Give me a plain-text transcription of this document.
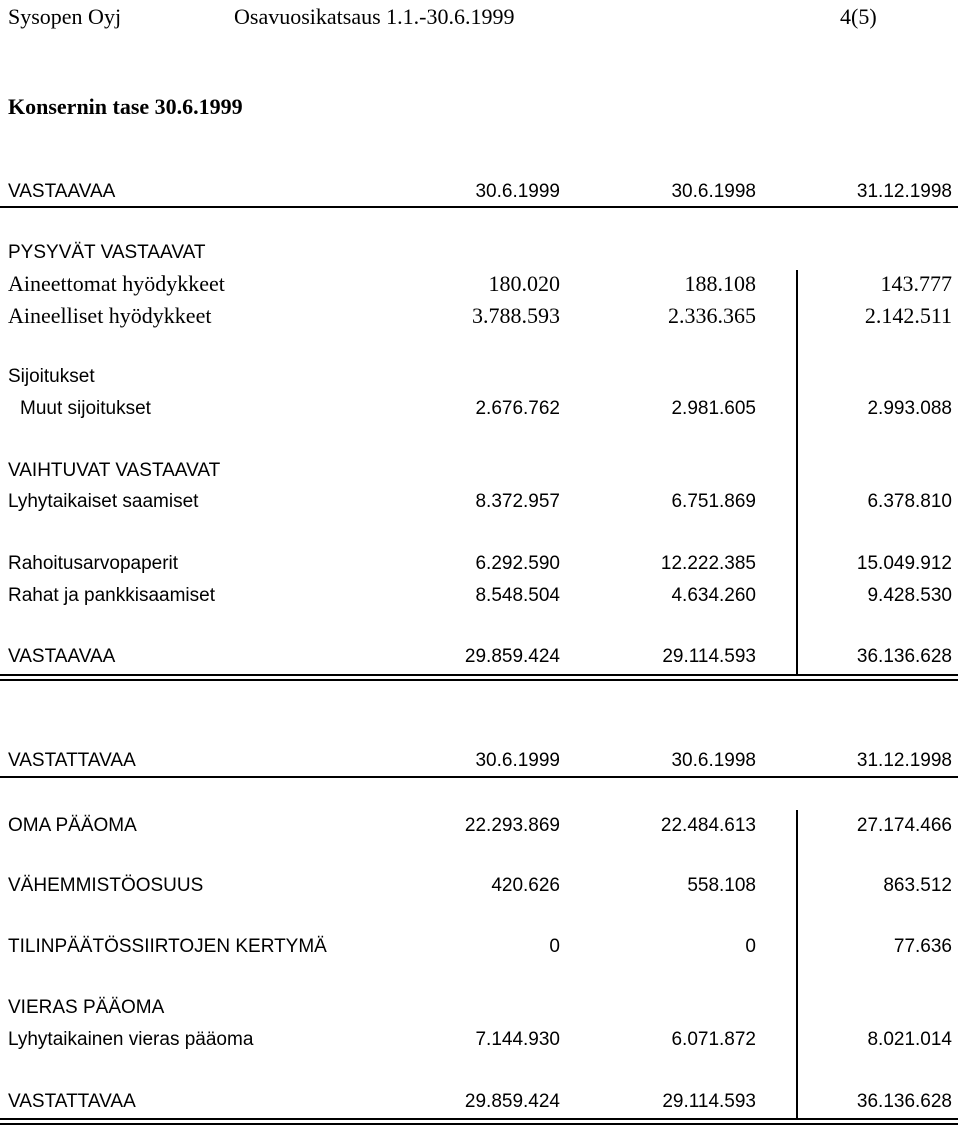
Sysopen Oyj	Osavuosikatsaus 1.1.-30.6.1999	4(5)
Konsernin tase 30.6.1999
VASTAAVAA	30.6.1999	30.6.1998	31.12.1998
PYSYVÄT VASTAAVAT
Aineettomat hyödykkeet	180.020	188.108	143.777
Aineelliset hyödykkeet	3.788.593	2.336.365	2.142.511
Sijoitukset
Muut sijoitukset	2.676.762	2.981.605	2.993.088
VAIHTUVAT VASTAAVAT
Lyhytaikaiset saamiset	8.372.957	6.751.869	6.378.810
Rahoitusarvopaperit	6.292.590	12.222.385	15.049.912
Rahat ja pankkisaamiset	8.548.504	4.634.260	9.428.530
VASTAAVAA	29.859.424	29.114.593	36.136.628
VASTATTAVAA	30.6.1999	30.6.1998	31.12.1998
OMA PÄÄOMA	22.293.869	22.484.613	27.174.466
VÄHEMMISTÖOSUUS	420.626	558.108	863.512
TILINPÄÄTÖSSIIRTOJEN KERTYMÄ	0	0	77.636
VIERAS PÄÄOMA
Lyhytaikainen vieras pääoma	7.144.930	6.071.872	8.021.014
VASTATTAVAA	29.859.424	29.114.593	36.136.628
